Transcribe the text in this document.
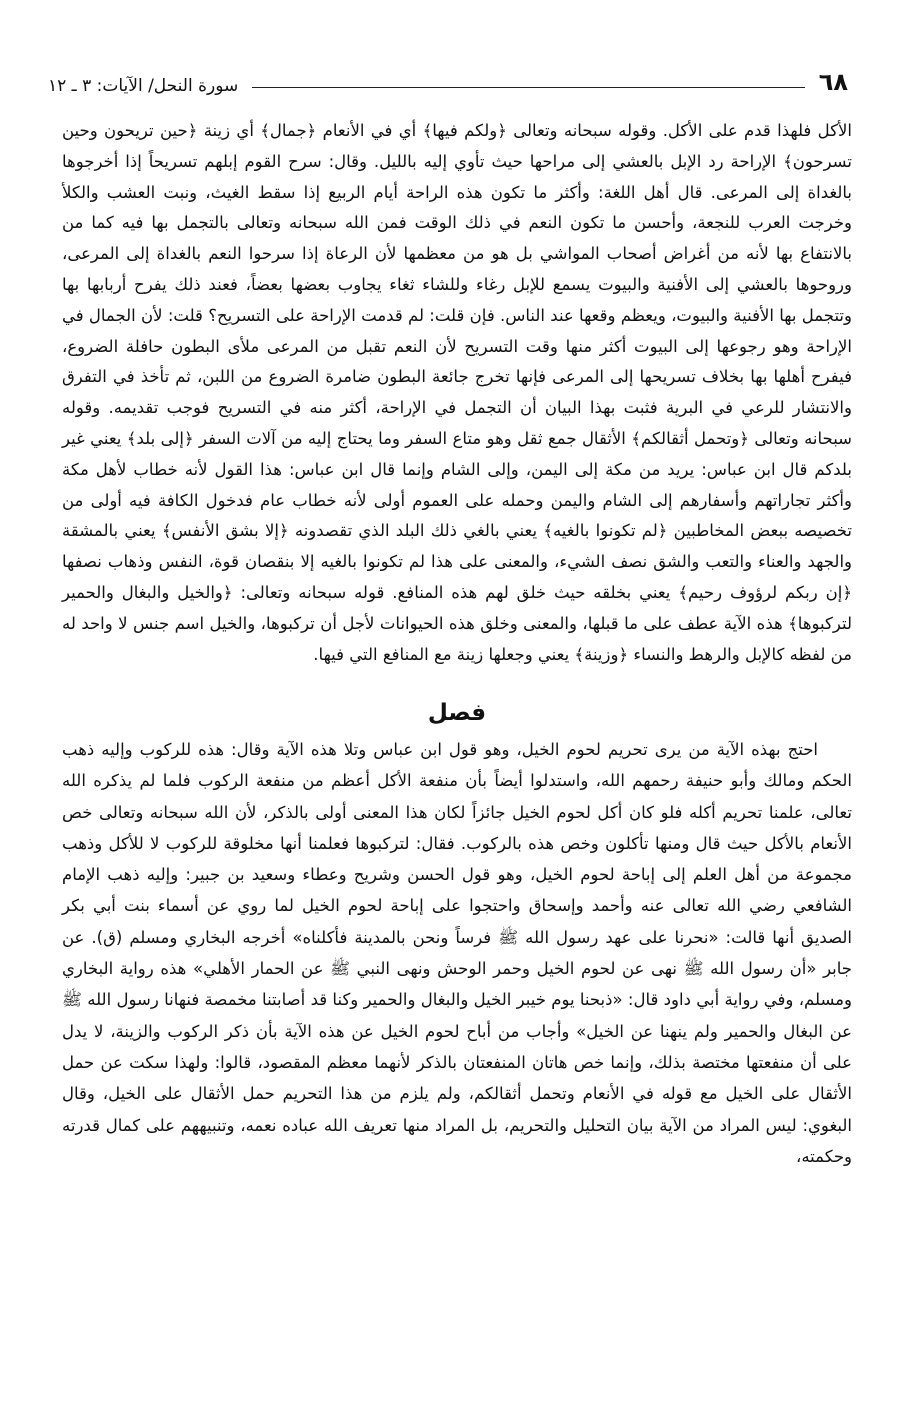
سورة النحل/ الآيات: ٣ ـ ١٢	٦٨

الأكل فلهذا قدم على الأكل. وقوله سبحانه وتعالى ﴿ولكم فيها﴾ أي في الأنعام ﴿جمال﴾ أي زينة ﴿حين تريحون وحين تسرحون﴾ الإراحة رد الإبل بالعشي إلى مراحها حيث تأوي إليه بالليل. وقال: سرح القوم إبلهم تسريحاً إذا أخرجوها بالغداة إلى المرعى. قال أهل اللغة: وأكثر ما تكون هذه الراحة أيام الربيع إذا سقط الغيث، ونبت العشب والكلأ وخرجت العرب للنجعة، وأحسن ما تكون النعم في ذلك الوقت فمن الله سبحانه وتعالى بالتجمل بها فيه كما من بالانتفاع بها لأنه من أغراض أصحاب المواشي بل هو من معظمها لأن الرعاة إذا سرحوا النعم بالغداة إلى المرعى، وروحوها بالعشي إلى الأفنية والبيوت يسمع للإبل رغاء وللشاء ثغاء يجاوب بعضها بعضاً، فعند ذلك يفرح أربابها بها وتتجمل بها الأفنية والبيوت، ويعظم وقعها عند الناس. فإن قلت: لم قدمت الإراحة على التسريح؟ قلت: لأن الجمال في الإراحة وهو رجوعها إلى البيوت أكثر منها وقت التسريح لأن النعم تقبل من المرعى ملأى البطون حافلة الضروع، فيفرح أهلها بها بخلاف تسريحها إلى المرعى فإنها تخرج جائعة البطون ضامرة الضروع من اللبن، ثم تأخذ في التفرق والانتشار للرعي في البرية فثبت بهذا البيان أن التجمل في الإراحة، أكثر منه في التسريح فوجب تقديمه. وقوله سبحانه وتعالى ﴿وتحمل أثقالكم﴾ الأثقال جمع ثقل وهو متاع السفر وما يحتاج إليه من آلات السفر ﴿إلى بلد﴾ يعني غير بلدكم قال ابن عباس: يريد من مكة إلى اليمن، وإلى الشام وإنما قال ابن عباس: هذا القول لأنه خطاب لأهل مكة وأكثر تجاراتهم وأسفارهم إلى الشام واليمن وحمله على العموم أولى لأنه خطاب عام فدخول الكافة فيه أولى من تخصيصه ببعض المخاطبين ﴿لم تكونوا بالغيه﴾ يعني بالغي ذلك البلد الذي تقصدونه ﴿إلا بشق الأنفس﴾ يعني بالمشقة والجهد والعناء والتعب والشق نصف الشيء، والمعنى على هذا لم تكونوا بالغيه إلا بنقصان قوة، النفس وذهاب نصفها ﴿إن ربكم لرؤوف رحيم﴾ يعني بخلقه حيث خلق لهم هذه المنافع. قوله سبحانه وتعالى: ﴿والخيل والبغال والحمير لتركبوها﴾ هذه الآية عطف على ما قبلها، والمعنى وخلق هذه الحيوانات لأجل أن تركبوها، والخيل اسم جنس لا واحد له من لفظه كالإبل والرهط والنساء ﴿وزينة﴾ يعني وجعلها زينة مع المنافع التي فيها.

فصل

احتج بهذه الآية من يرى تحريم لحوم الخيل، وهو قول ابن عباس وتلا هذه الآية وقال: هذه للركوب وإليه ذهب الحكم ومالك وأبو حنيفة رحمهم الله، واستدلوا أيضاً بأن منفعة الأكل أعظم من منفعة الركوب فلما لم يذكره الله تعالى، علمنا تحريم أكله فلو كان أكل لحوم الخيل جائزاً لكان هذا المعنى أولى بالذكر، لأن الله سبحانه وتعالى خص الأنعام بالأكل حيث قال ومنها تأكلون وخص هذه بالركوب. فقال: لتركبوها فعلمنا أنها مخلوقة للركوب لا للأكل وذهب مجموعة من أهل العلم إلى إباحة لحوم الخيل، وهو قول الحسن وشريح وعطاء وسعيد بن جبير: وإليه ذهب الإمام الشافعي رضي الله تعالى عنه وأحمد وإسحاق واحتجوا على إباحة لحوم الخيل لما روي عن أسماء بنت أبي بكر الصديق أنها قالت: «نحرنا على عهد رسول الله ﷺ فرساً ونحن بالمدينة فأكلناه» أخرجه البخاري ومسلم (ق). عن جابر «أن رسول الله ﷺ نهى عن لحوم الخيل وحمر الوحش ونهى النبي ﷺ عن الحمار الأهلي» هذه رواية البخاري ومسلم، وفي رواية أبي داود قال: «ذبحنا يوم خيبر الخيل والبغال والحمير وكنا قد أصابتنا مخمصة فنهانا رسول الله ﷺ عن البغال والحمير ولم ينهنا عن الخيل» وأجاب من أباح لحوم الخيل عن هذه الآية بأن ذكر الركوب والزينة، لا يدل على أن منفعتها مختصة بذلك، وإنما خص هاتان المنفعتان بالذكر لأنهما معظم المقصود، قالوا: ولهذا سكت عن حمل الأثقال على الخيل مع قوله في الأنعام وتحمل أثقالكم، ولم يلزم من هذا التحريم حمل الأثقال على الخيل، وقال البغوي: ليس المراد من الآية بيان التحليل والتحريم، بل المراد منها تعريف الله عباده نعمه، وتنبيههم على كمال قدرته وحكمته،
